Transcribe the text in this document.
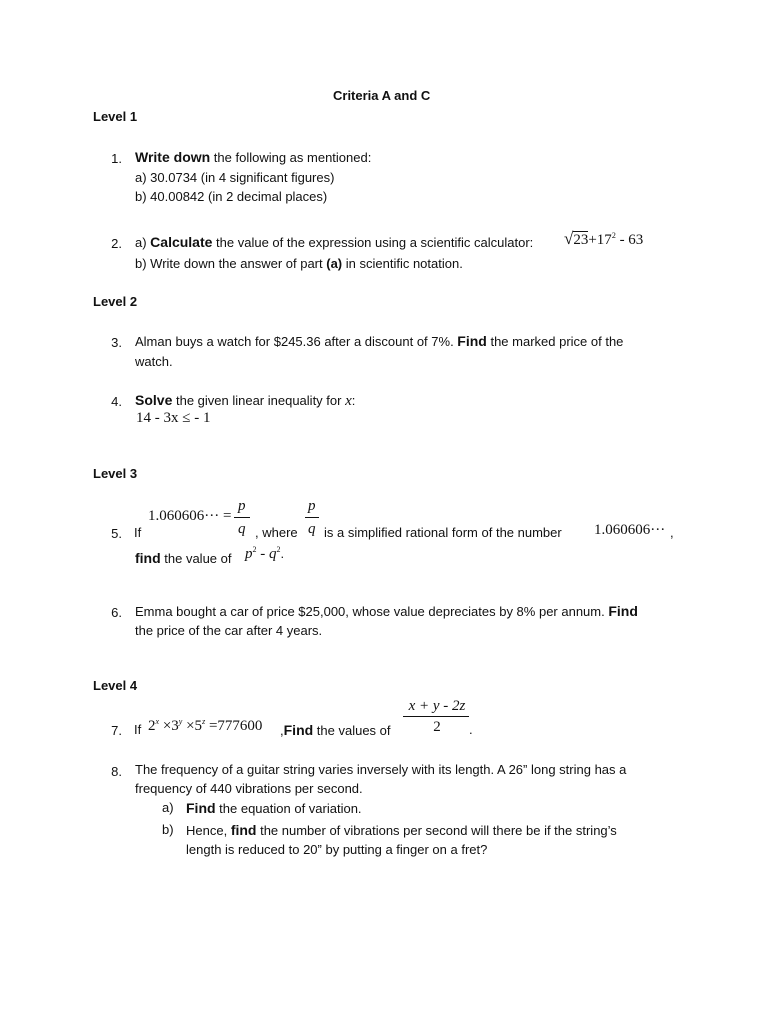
Criteria A and C
Level 1
1. Write down the following as mentioned:
a) 30.0734 (in 4 significant figures)
b) 40.00842 (in 2 decimal places)
2. a) Calculate the value of the expression using a scientific calculator: $√23+17^2 - 63$
b) Write down the answer of part (a) in scientific notation.
Level 2
3. Alman buys a watch for $245.36 after a discount of 7%. Find the marked price of the
watch.
4. Solve the given linear inequality for x:
14 - 3x ≤ - 1
Level 3
5. If
1.060606··· =
p
q , where
p
q is a simplified rational form of the number 1.060606··· ,
find the value of $p^2 - q^2$.
6. Emma bought a car of price $25,000, whose value depreciates by 8% per annum. Find
the price of the car after 4 years.
Level 4
7. If $2^x \times 3^y \times 5^z =777600$ ,Find the values of
x + y - 2z
2	.
8. The frequency of a guitar string varies inversely with its length. A 26” long string has a
frequency of 440 vibrations per second.
a) Find the equation of variation.
b) Hence, find the number of vibrations per second will there be if the string’s
length is reduced to 20” by putting a finger on a fret?
